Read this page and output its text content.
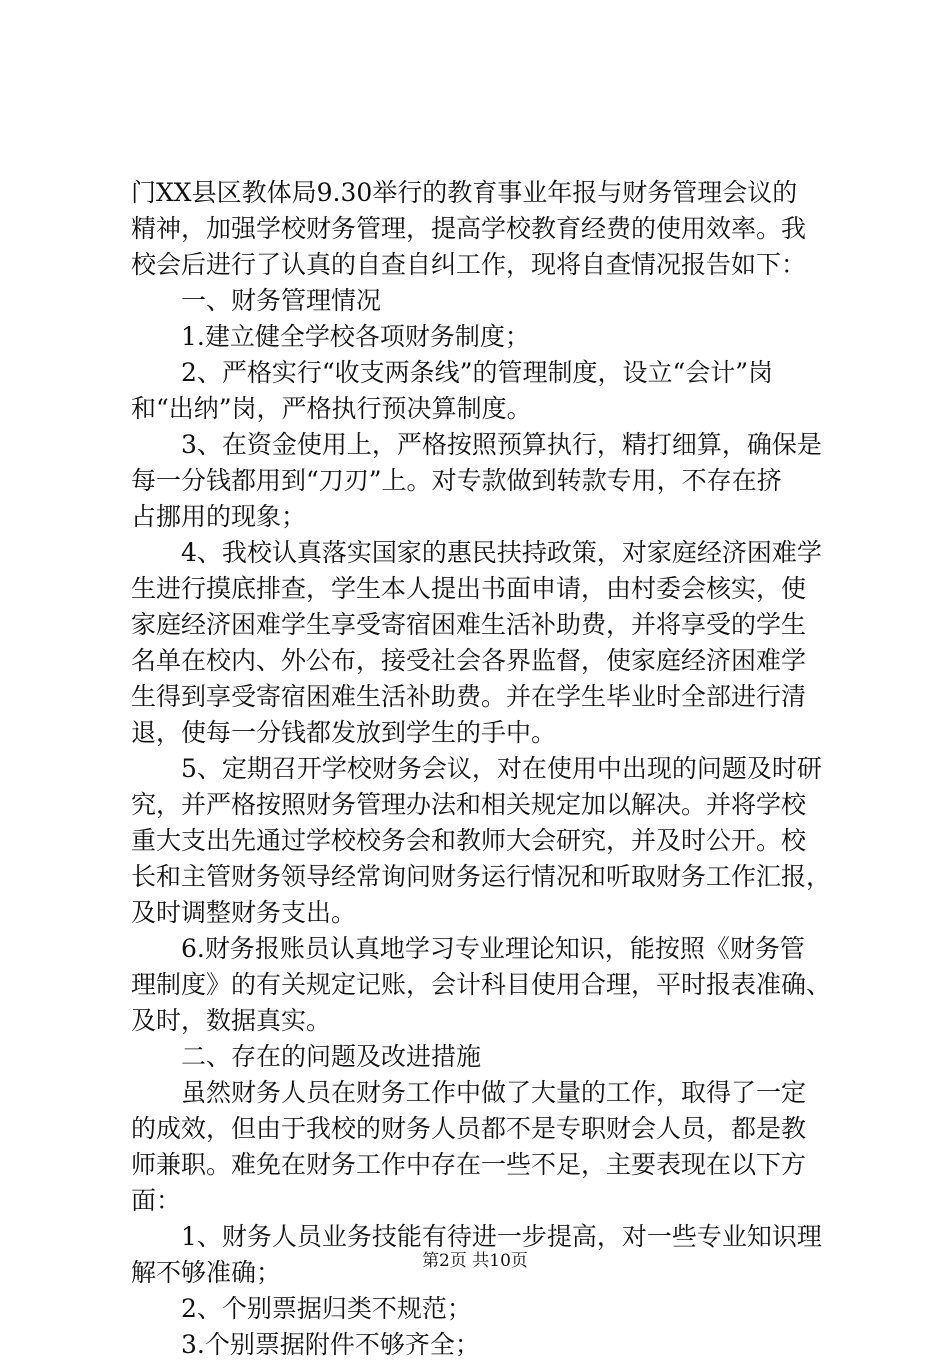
门XX县区教体局9.30举行的教育事业年报与财务管理会议的
精神，加强学校财务管理，提高学校教育经费的使用效率。我
校会后进行了认真的自查自纠工作，现将自查情况报告如下：
一、财务管理情况
1.建立健全学校各项财务制度；
2、严格实行“收支两条线”的管理制度，设立“会计”岗
和“出纳”岗，严格执行预决算制度。
3、在资金使用上，严格按照预算执行，精打细算，确保是
每一分钱都用到“刀刃”上。对专款做到转款专用，不存在挤
占挪用的现象；
4、我校认真落实国家的惠民扶持政策，对家庭经济困难学
生进行摸底排查，学生本人提出书面申请，由村委会核实，使
家庭经济困难学生享受寄宿困难生活补助费，并将享受的学生
名单在校内、外公布，接受社会各界监督，使家庭经济困难学
生得到享受寄宿困难生活补助费。并在学生毕业时全部进行清
退，使每一分钱都发放到学生的手中。
5、定期召开学校财务会议，对在使用中出现的问题及时研
究，并严格按照财务管理办法和相关规定加以解决。并将学校
重大支出先通过学校校务会和教师大会研究，并及时公开。校
长和主管财务领导经常询问财务运行情况和听取财务工作汇报，
及时调整财务支出。
6.财务报账员认真地学习专业理论知识，能按照《财务管
理制度》的有关规定记账，会计科目使用合理，平时报表准确、
及时，数据真实。
二、存在的问题及改进措施
虽然财务人员在财务工作中做了大量的工作，取得了一定
的成效，但由于我校的财务人员都不是专职财会人员，都是教
师兼职。难免在财务工作中存在一些不足，主要表现在以下方
面：
1、财务人员业务技能有待进一步提高，对一些专业知识理
解不够准确；
2、个别票据归类不规范；
3.个别票据附件不够齐全；
第2页 共10页
